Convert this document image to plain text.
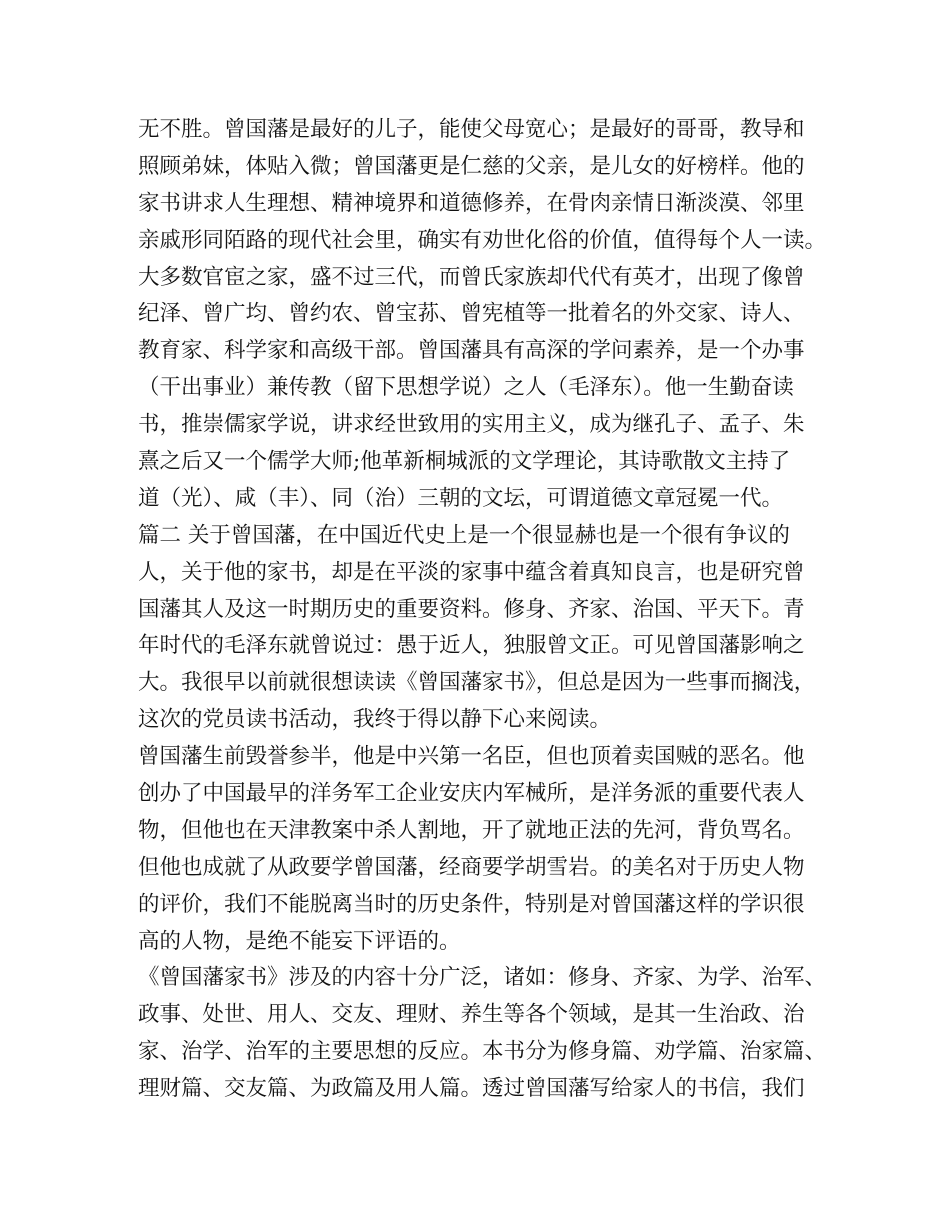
无不胜。曾国藩是最好的儿子，能使父母宽心；是最好的哥哥，教导和
照顾弟妹，体贴入微；曾国藩更是仁慈的父亲，是儿女的好榜样。他的
家书讲求人生理想、精神境界和道德修养，在骨肉亲情日渐淡漠、邻里
亲戚形同陌路的现代社会里，确实有劝世化俗的价值，值得每个人一读。
大多数官宦之家，盛不过三代，而曾氏家族却代代有英才，出现了像曾
纪泽、曾广均、曾约农、曾宝荪、曾宪植等一批着名的外交家、诗人、
教育家、科学家和高级干部。曾国藩具有高深的学问素养，是一个办事
（干出事业）兼传教（留下思想学说）之人（毛泽东）。他一生勤奋读
书，推崇儒家学说，讲求经世致用的实用主义，成为继孔子、孟子、朱
熹之后又一个儒学大师;他革新桐城派的文学理论，其诗歌散文主持了
道（光）、咸（丰）、同（治）三朝的文坛，可谓道德文章冠冕一代。
篇二 关于曾国藩，在中国近代史上是一个很显赫也是一个很有争议的
人，关于他的家书，却是在平淡的家事中蕴含着真知良言，也是研究曾
国藩其人及这一时期历史的重要资料。修身、齐家、治国、平天下。青
年时代的毛泽东就曾说过：愚于近人，独服曾文正。可见曾国藩影响之
大。我很早以前就很想读读《曾国藩家书》，但总是因为一些事而搁浅，
这次的党员读书活动，我终于得以静下心来阅读。
曾国藩生前毁誉参半，他是中兴第一名臣，但也顶着卖国贼的恶名。他
创办了中国最早的洋务军工企业安庆内军械所，是洋务派的重要代表人
物，但他也在天津教案中杀人割地，开了就地正法的先河，背负骂名。
但他也成就了从政要学曾国藩，经商要学胡雪岩。的美名对于历史人物
的评价，我们不能脱离当时的历史条件，特别是对曾国藩这样的学识很
高的人物，是绝不能妄下评语的。
《曾国藩家书》涉及的内容十分广泛，诸如：修身、齐家、为学、治军、
政事、处世、用人、交友、理财、养生等各个领域，是其一生治政、治
家、治学、治军的主要思想的反应。本书分为修身篇、劝学篇、治家篇、
理财篇、交友篇、为政篇及用人篇。透过曾国藩写给家人的书信，我们
